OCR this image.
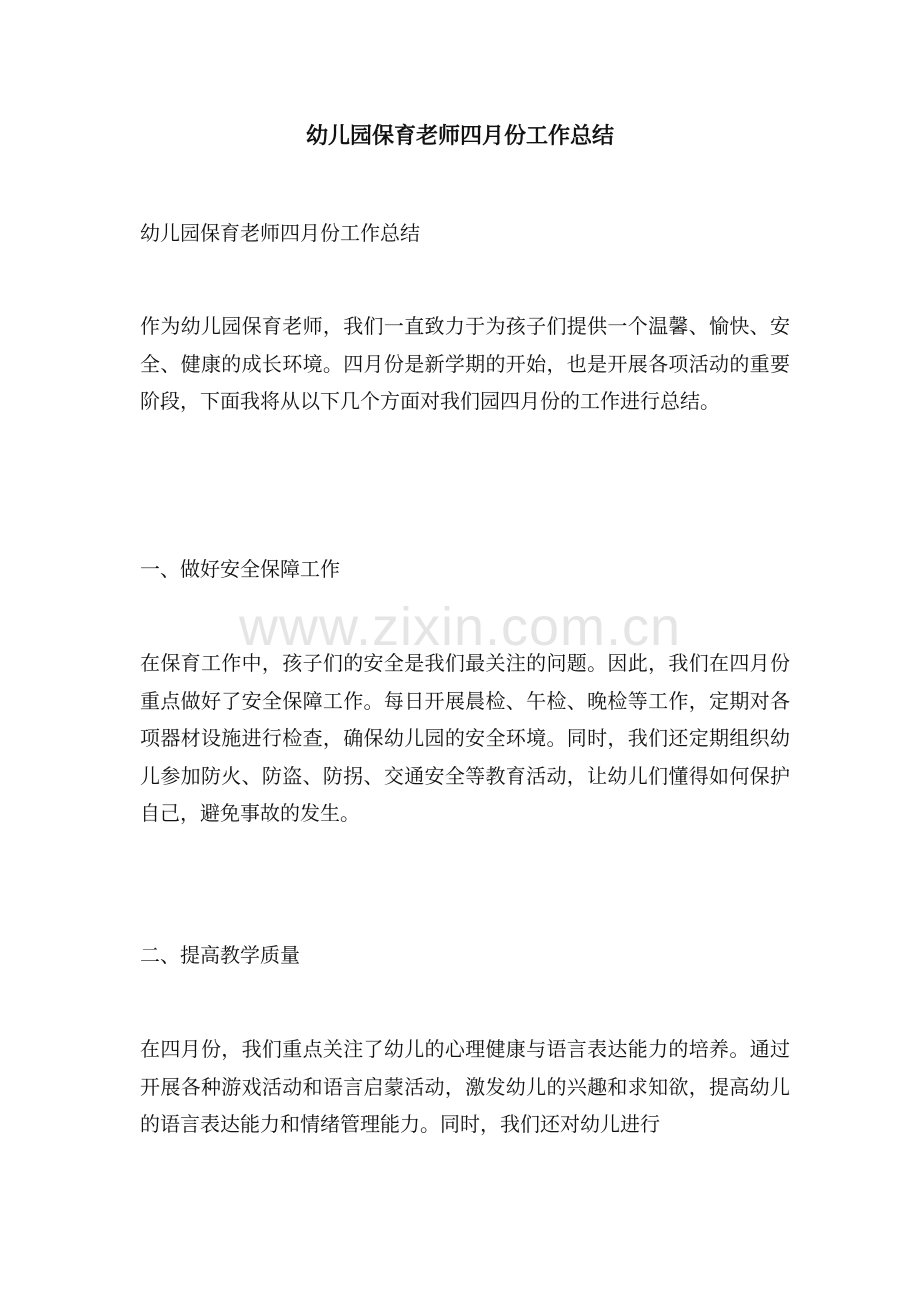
幼儿园保育老师四月份工作总结

幼儿园保育老师四月份工作总结

作为幼儿园保育老师，我们一直致力于为孩子们提供一个温馨、愉快、安全、健康的成长环境。四月份是新学期的开始，也是开展各项活动的重要阶段，下面我将从以下几个方面对我们园四月份的工作进行总结。

一、做好安全保障工作

在保育工作中，孩子们的安全是我们最关注的问题。因此，我们在四月份重点做好了安全保障工作。每日开展晨检、午检、晚检等工作，定期对各项器材设施进行检查，确保幼儿园的安全环境。同时，我们还定期组织幼儿参加防火、防盗、防拐、交通安全等教育活动，让幼儿们懂得如何保护自己，避免事故的发生。

二、提高教学质量

在四月份，我们重点关注了幼儿的心理健康与语言表达能力的培养。通过开展各种游戏活动和语言启蒙活动，激发幼儿的兴趣和求知欲，提高幼儿的语言表达能力和情绪管理能力。同时，我们还对幼儿进行

www.zixin.com.cn
